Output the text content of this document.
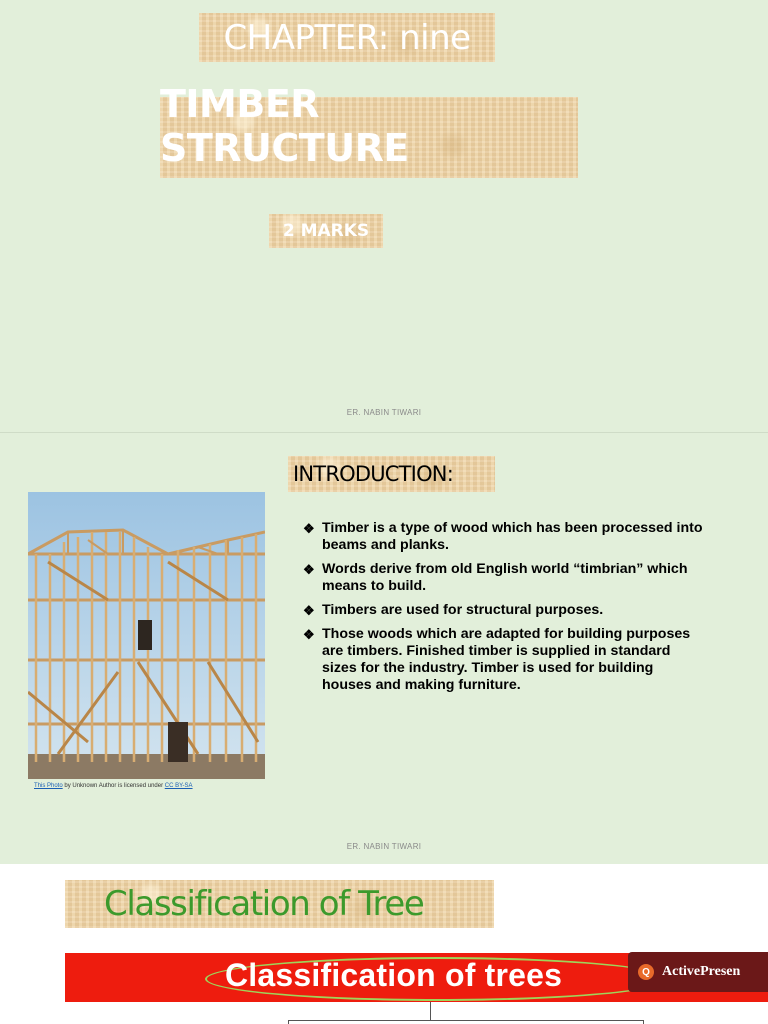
CHAPTER: nine
TIMBER STRUCTURE
2 MARKS
ER. NABIN TIWARI
INTRODUCTION:
This Photo by Unknown Author is licensed under CC BY-SA
❖ Timber is a type of wood which has been processed into beams and planks.
❖ Words derive from old English world “timbrian” which means to build.
❖ Timbers are used for structural purposes.
❖ Those woods which are adapted for building purposes are timbers. Finished timber is supplied in standard sizes for the industry. Timber is used for building houses and making furniture.
ER. NABIN TIWARI
Classification of Tree
Classification of trees	Q ActivePresen
